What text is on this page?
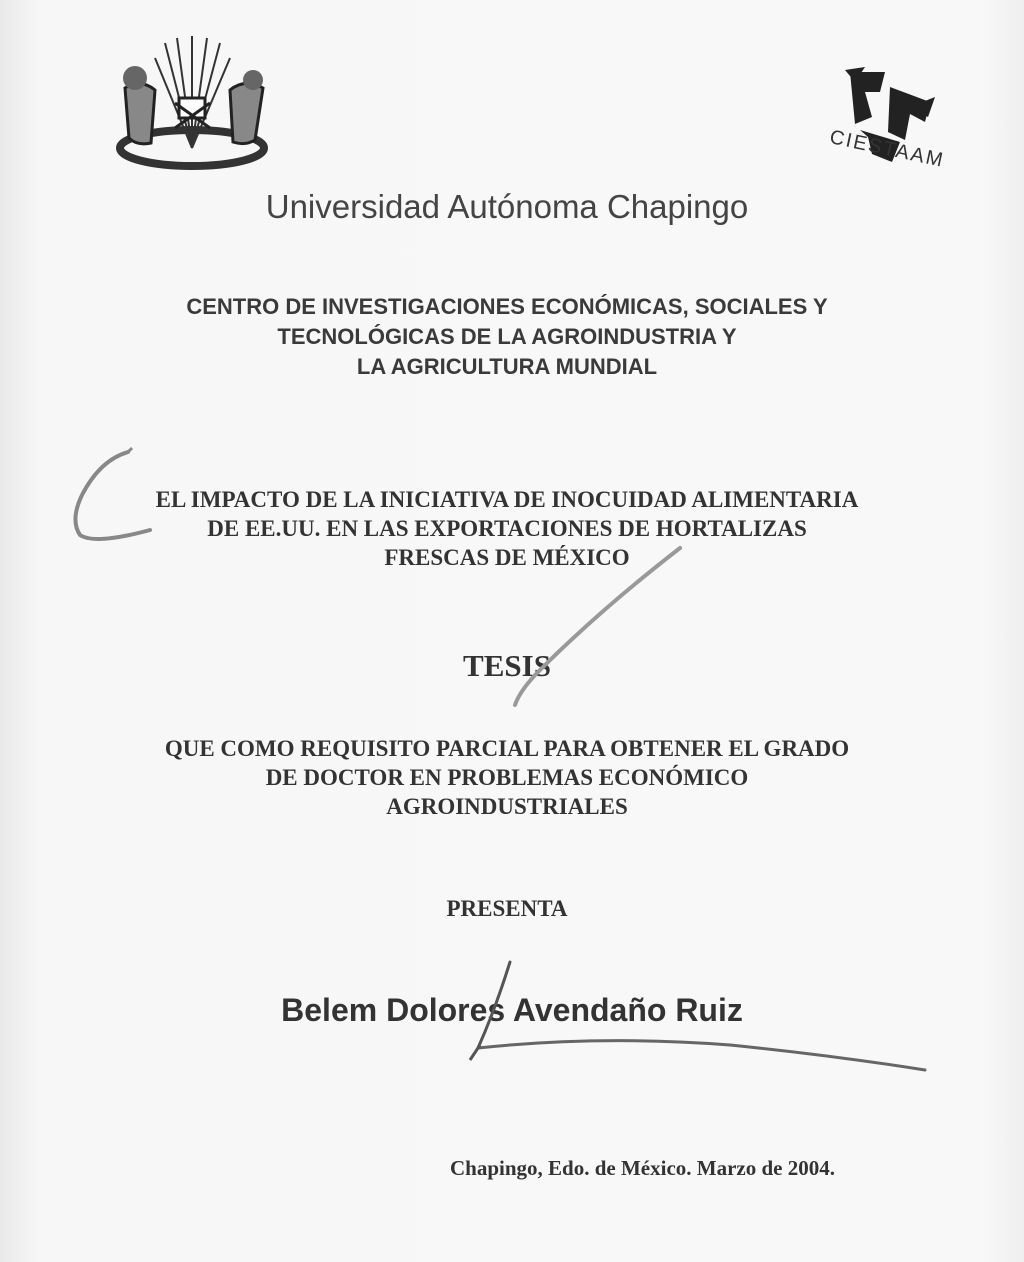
CIESTAAM
Universidad Autónoma Chapingo
CENTRO DE INVESTIGACIONES ECONÓMICAS, SOCIALES Y
TECNOLÓGICAS DE LA AGROINDUSTRIA Y
LA AGRICULTURA MUNDIAL
EL IMPACTO DE LA INICIATIVA DE INOCUIDAD ALIMENTARIA
DE EE.UU. EN LAS EXPORTACIONES DE HORTALIZAS
FRESCAS DE MÉXICO
TESIS
QUE COMO REQUISITO PARCIAL PARA OBTENER EL GRADO
DE DOCTOR EN PROBLEMAS ECONÓMICO
AGROINDUSTRIALES
PRESENTA
Belem Dolores Avendaño Ruiz
Chapingo, Edo. de México. Marzo de 2004.
